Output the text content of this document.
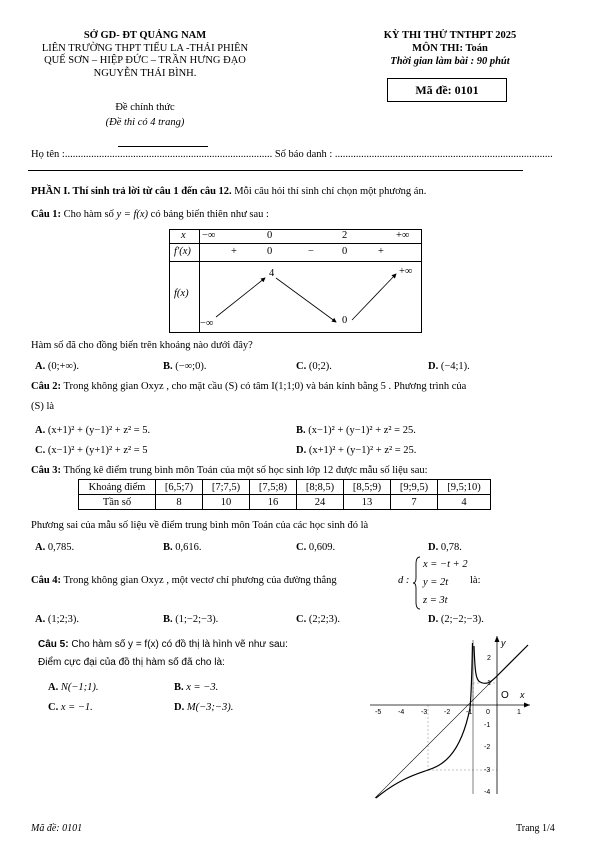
SỞ GD- ĐT QUẢNG NAM
LIÊN TRƯỜNG THPT TIỂU LA -THÁI PHIÊN
QUẾ SƠN – HIỆP ĐỨC – TRẦN HƯNG ĐẠO
NGUYỄN THÁI BÌNH.
Đề chính thức
(Đề thi có 4 trang)
KỲ THI THỬ TNTHPT 2025
MÔN THI: Toán
Thời gian làm bài : 90 phút
Mã đề: 0101
Họ tên :............................................................................... Số báo danh : ...................................................................................
PHẦN I. Thí sinh trả lời từ câu 1 đến câu 12. Mỗi câu hỏi thí sinh chỉ chọn một phương án.
Câu 1: Cho hàm số y = f(x) có bảng biến thiên như sau :
x −∞	0	2	+∞
f′(x)	+	0	−	0	+
f(x)
−∞
4
0
+∞
Hàm số đã cho đồng biến trên khoảng nào dưới đây?
A. (0;+∞).	B. (−∞;0).	C. (0;2).	D. (−4;1).
Câu 2: Trong không gian Oxyz , cho mặt cầu (S) có tâm I(1;1;0) và bán kính bằng 5 . Phương trình của
(S) là
A. (x+1)² + (y−1)² + z² = 5.	B. (x−1)² + (y−1)² + z² = 25.
C. (x−1)² + (y+1)² + z² = 5	D. (x+1)² + (y−1)² + z² = 25.
Câu 3: Thống kê điểm trung bình môn Toán của một số học sinh lớp 12 được mẫu số liệu sau:
Khoảng điểm	[6,5;7)	[7;7,5)	[7,5;8)	[8;8,5)	[8,5;9)	[9;9,5)	[9,5;10)
Tần số	8	10	16	24	13	7	4
Phương sai của mẫu số liệu về điểm trung bình môn Toán của các học sinh đó là
A. 0,785.	B. 0,616.	C. 0,609.	D. 0,78.
Câu 4: Trong không gian Oxyz , một vectơ chỉ phương của đường thẳng	d :
x = −t + 2
y = 2t
z = 3t
là:
A. (1;2;3).	B. (1;−2;−3).	C. (2;2;3).	D. (2;−2;−3).
Câu 5: Cho hàm số y = f(x) có đồ thị là hình vẽ như sau:
Điểm cực đại của đồ thị hàm số đã cho là:
A. N(−1;1).	B. x = −3.
C. x = −1.	D. M(−3;−3).	-5 -4 -3 -2 -1 0	1
2
1
-1
-2
-3
-4
O x
y
Mã đề: 0101	Trang 1/4
